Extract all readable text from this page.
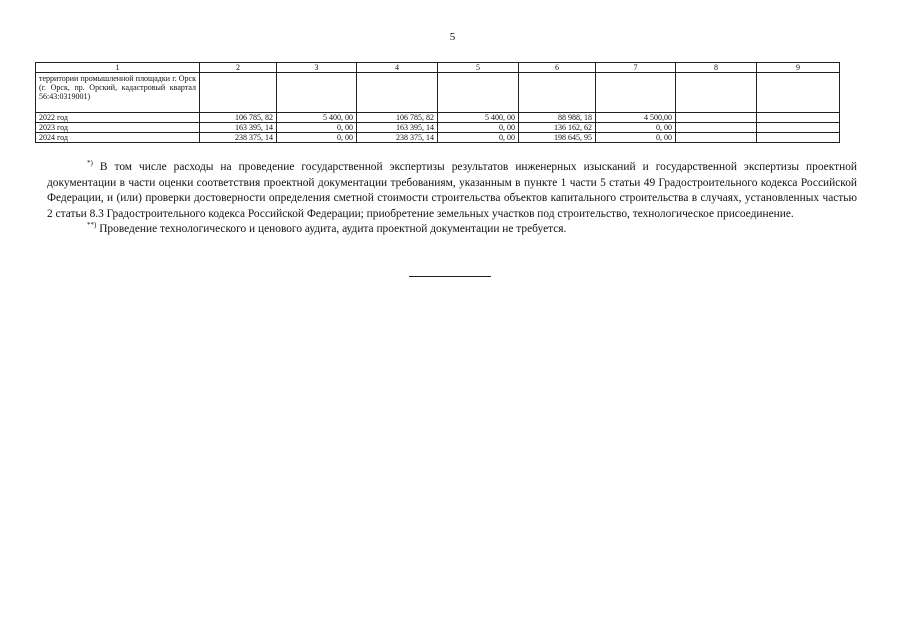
5
1	2	3	4	5	6	7	8	9
территории промышленной площадки г. Орск (г. Орск, пр. Орский, кадастровый квартал 56:43:0319001)								
2022 год	106 785, 82	5 400, 00	106 785, 82	5 400, 00	88 988, 18	4 500,00		
2023 год	163 395, 14	0, 00	163 395, 14	0, 00	136 162, 62	0, 00		
2024 год	238 375, 14	0, 00	238 375, 14	0, 00	198 645, 95	0, 00		

*) В том числе расходы на проведение государственной экспертизы результатов инженерных изысканий и государственной экспертизы проектной документации в части оценки соответствия проектной документации требованиям, указанным в пункте 1 части 5 статьи 49 Градостроительного кодекса Российской Федерации, и (или) проверки достоверности определения сметной стоимости строительства объектов капитального строительства в случаях, установленных частью 2 статьи 8.3 Градостроительного кодекса Российской Федерации; приобретение земельных участков под строительство, технологическое присоединение.

**) Проведение технологического и ценового аудита, аудита проектной документации не требуется.
